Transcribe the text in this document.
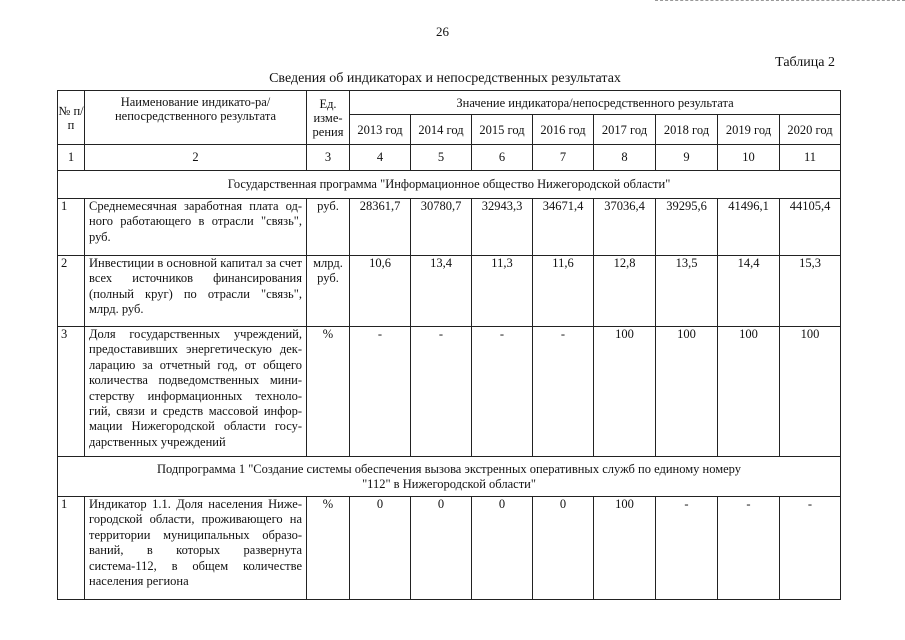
26
Таблица 2
Сведения об индикаторах и непосредственных результатах
№ п/п	Наименование индикато-ра/непосредственного результата	Ед. изме-рения	Значение индикатора/непосредственного результата							
			2013 год	2014 год	2015 год	2016 год	2017 год	2018 год	2019 год	2020 год
1	2	3	4	5	6	7	8	9	10	11
Государственная программа "Информационное общество Нижегородской области"										
1	Среднемесячная заработная плата од-ного работающего в отрасли "связь", руб.	руб.	28361,7	30780,7	32943,3	34671,4	37036,4	39295,6	41496,1	44105,4
2	Инвестиции в основной капитал за счет всех источников финансирования (полный круг) по отрасли "связь", млрд. руб.	млрд. руб.	10,6	13,4	11,3	11,6	12,8	13,5	14,4	15,3
3	Доля государственных учреждений, предоставивших энергетическую дек-ларацию за отчетный год, от общего количества подведомственных мини-стерству информационных техноло-гий, связи и средств массовой инфор-мации Нижегородской области госу-дарственных учреждений	%	-	-	-	-	100	100	100	100

Подпрограмма 1 "Создание системы обеспечения вызова экстренных оперативных служб по единому номеру
"112" в Нижегородской области"										

1	Индикатор 1.1. Доля населения Ниже-городской области, проживающего на территории муниципальных образо-ваний, в которых развернута система-112, в общем количестве населения региона	%	0	0	0	0	100	-	-	-
